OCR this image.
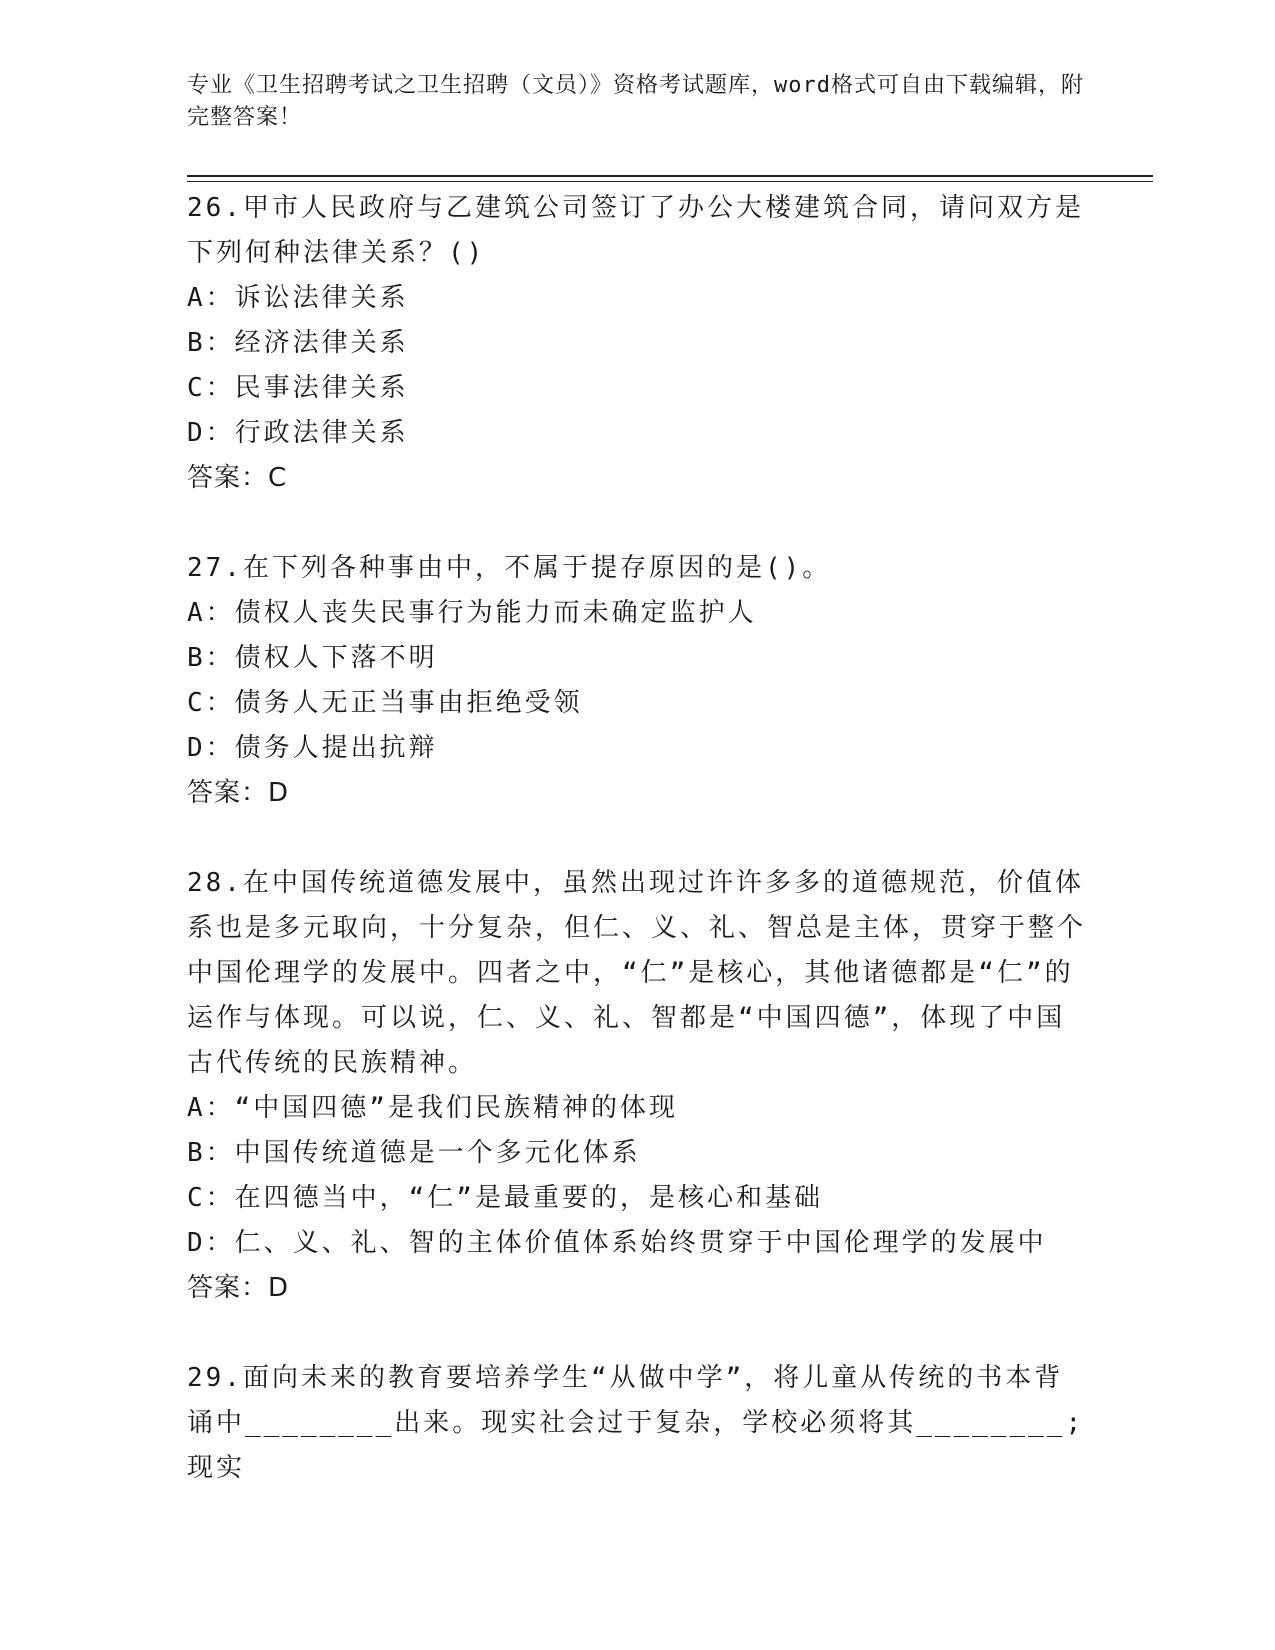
专业《卫生招聘考试之卫生招聘（文员）》资格考试题库，word格式可自由下载编辑，附完整答案！

26.甲市人民政府与乙建筑公司签订了办公大楼建筑合同，请问双方是下列何种法律关系？()

A：诉讼法律关系

B：经济法律关系

C：民事法律关系

D：行政法律关系

答案：C

27.在下列各种事由中，不属于提存原因的是()。

A：债权人丧失民事行为能力而未确定监护人

B：债权人下落不明

C：债务人无正当事由拒绝受领

D：债务人提出抗辩

答案：D

28.在中国传统道德发展中，虽然出现过许许多多的道德规范，价值体系也是多元取向，十分复杂，但仁、义、礼、智总是主体，贯穿于整个中国伦理学的发展中。四者之中，“仁”是核心，其他诸德都是“仁”的运作与体现。可以说，仁、义、礼、智都是“中国四德”，体现了中国古代传统的民族精神。

A：“中国四德”是我们民族精神的体现

B：中国传统道德是一个多元化体系

C：在四德当中，“仁”是最重要的，是核心和基础

D：仁、义、礼、智的主体价值体系始终贯穿于中国伦理学的发展中

答案：D

29.面向未来的教育要培养学生“从做中学”，将儿童从传统的书本背诵中________出来。现实社会过于复杂，学校必须将其________;现实
